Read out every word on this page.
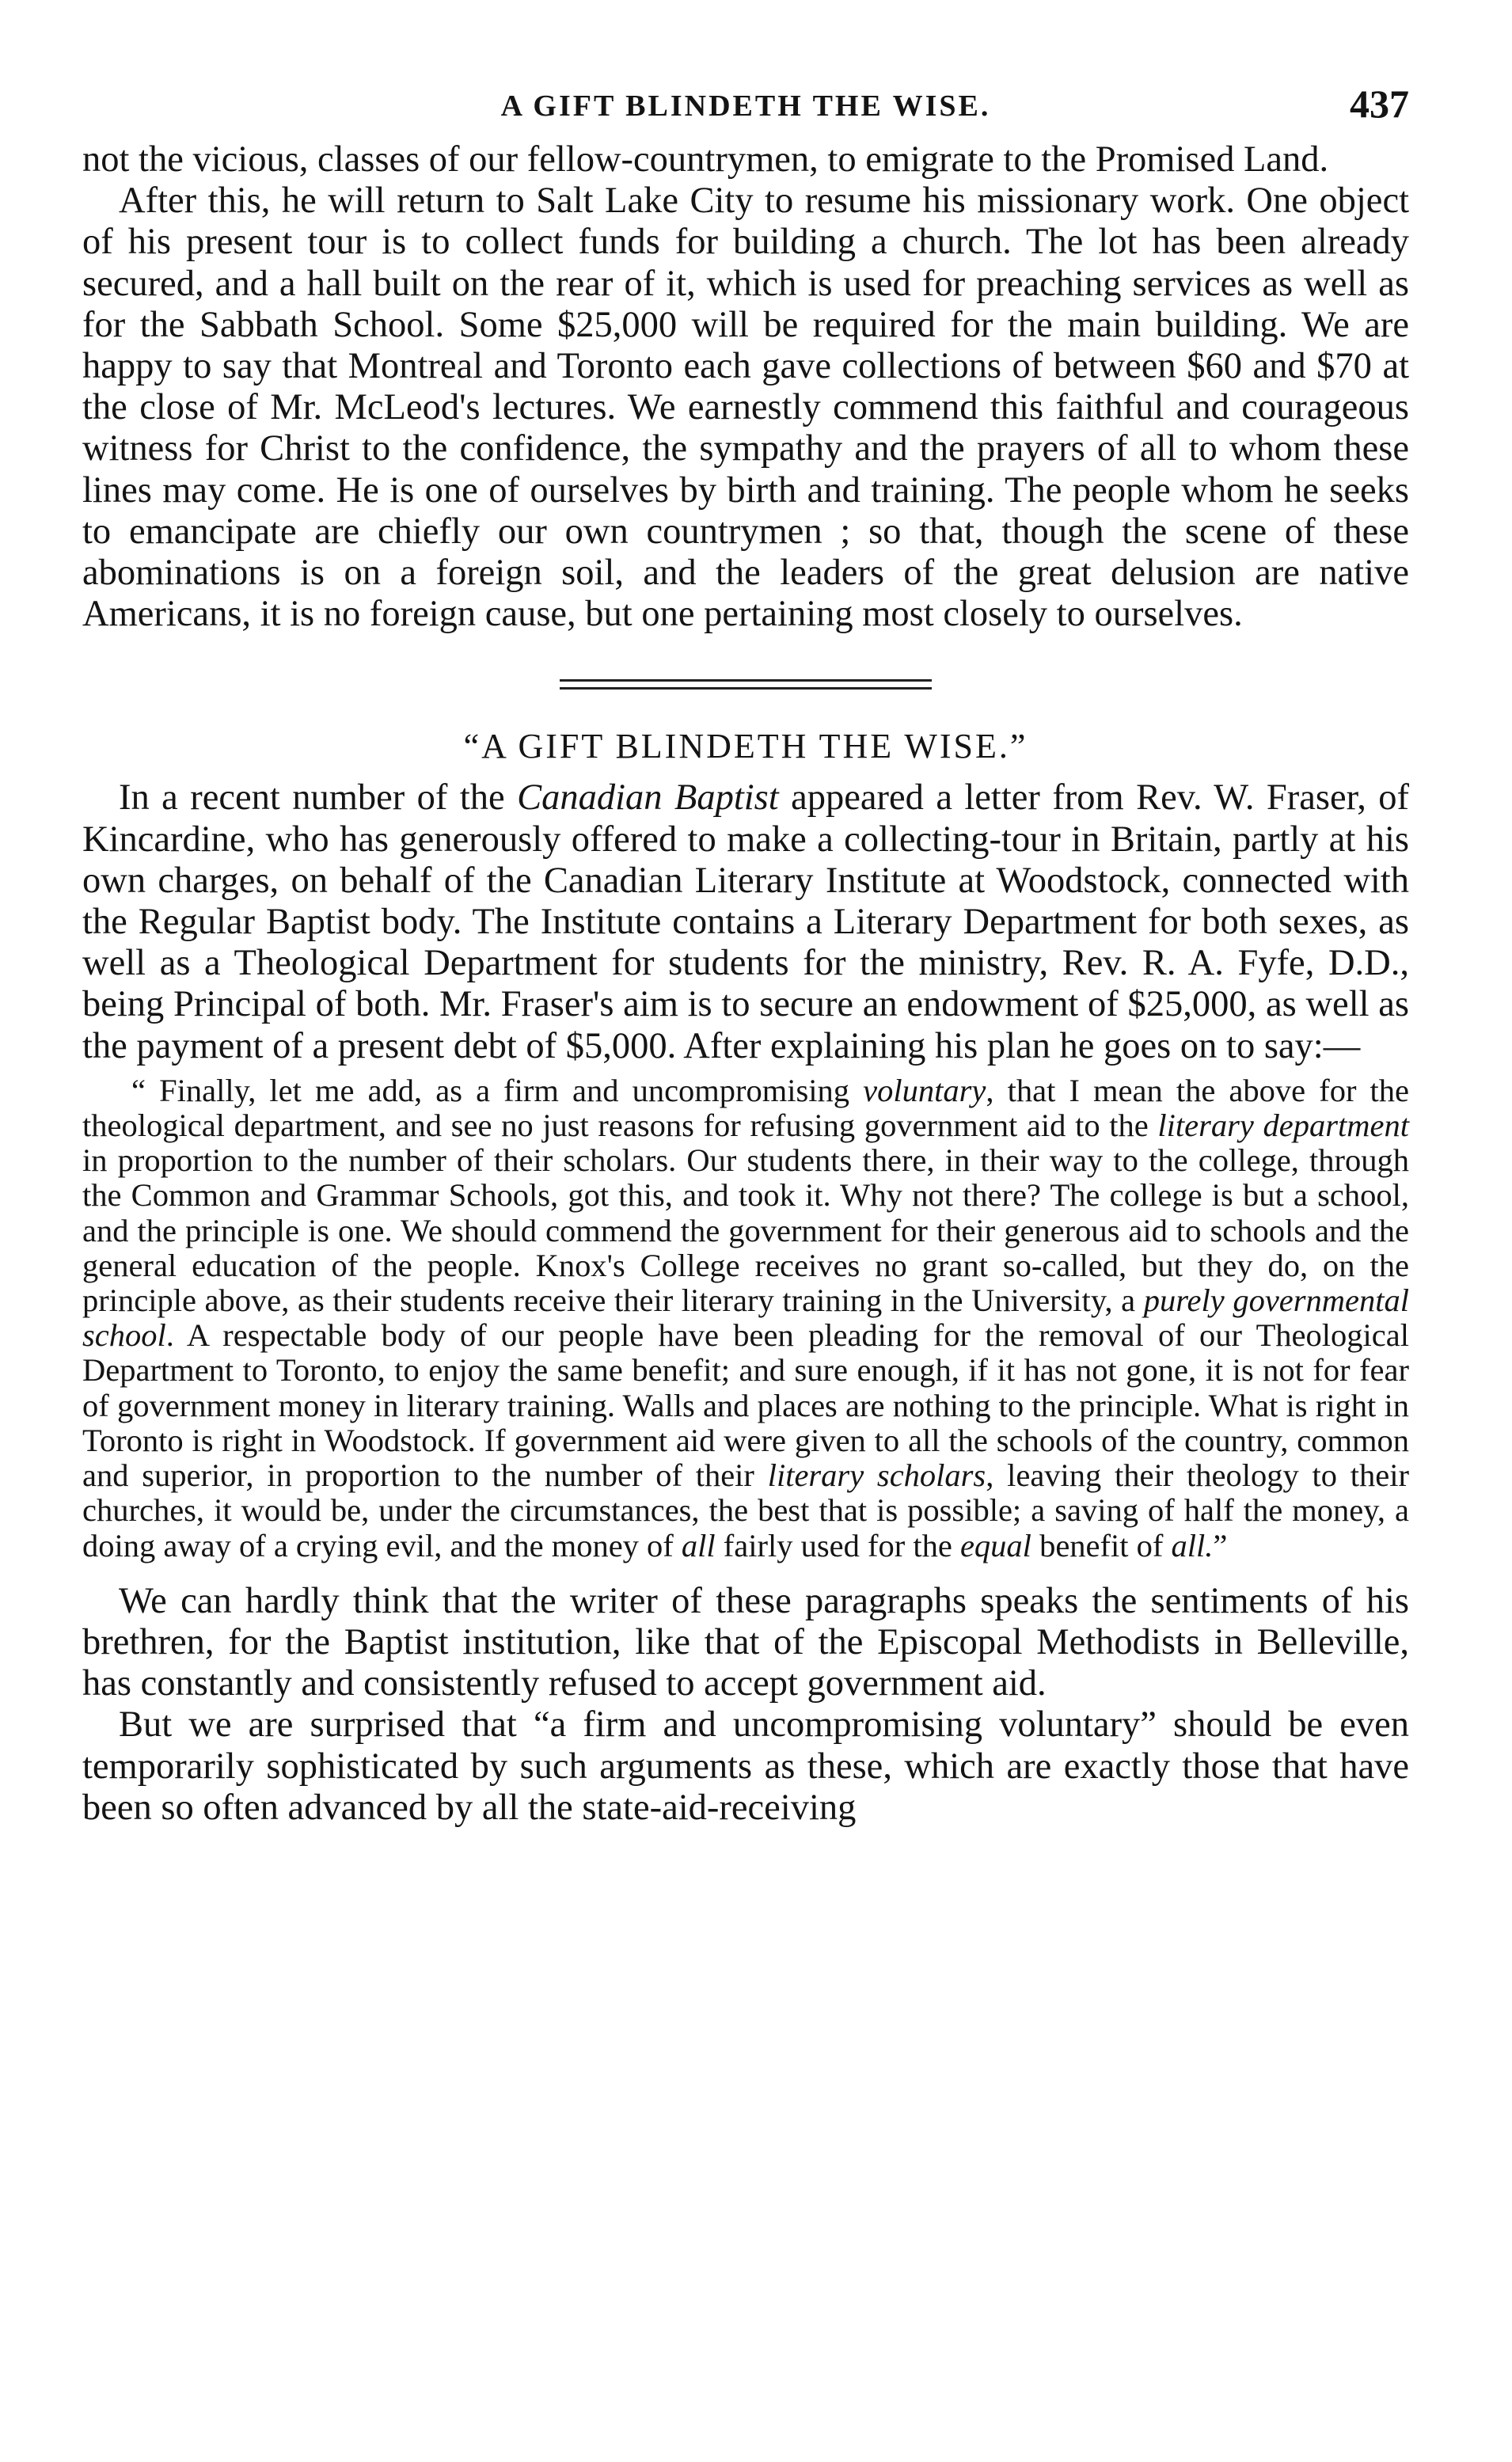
A GIFT BLINDETH THE WISE.	437

not the vicious, classes of our fellow-countrymen, to emigrate to the Promised Land.

After this, he will return to Salt Lake City to resume his missionary work. One object of his present tour is to collect funds for building a church. The lot has been already secured, and a hall built on the rear of it, which is used for preaching services as well as for the Sabbath School. Some $25,000 will be required for the main building. We are happy to say that Montreal and Toronto each gave collections of between $60 and $70 at the close of Mr. McLeod's lectures. We earnestly commend this faithful and courageous witness for Christ to the confidence, the sympathy and the prayers of all to whom these lines may come. He is one of ourselves by birth and training. The people whom he seeks to emancipate are chiefly our own countrymen ; so that, though the scene of these abominations is on a foreign soil, and the leaders of the great delusion are native Americans, it is no foreign cause, but one pertaining most closely to ourselves.

“A GIFT BLINDETH THE WISE.”

In a recent number of the Canadian Baptist appeared a letter from Rev. W. Fraser, of Kincardine, who has generously offered to make a collecting-tour in Britain, partly at his own charges, on behalf of the Canadian Literary Institute at Woodstock, connected with the Regular Baptist body. The Institute contains a Literary Department for both sexes, as well as a Theological Department for students for the ministry, Rev. R. A. Fyfe, D.D., being Principal of both. Mr. Fraser's aim is to secure an endowment of $25,000, as well as the payment of a present debt of $5,000. After explaining his plan he goes on to say:—

“ Finally, let me add, as a firm and uncompromising voluntary, that I mean the above for the theological department, and see no just reasons for refusing government aid to the literary department in proportion to the number of their scholars. Our students there, in their way to the college, through the Common and Grammar Schools, got this, and took it. Why not there? The college is but a school, and the principle is one. We should commend the government for their generous aid to schools and the general education of the people. Knox's College receives no grant so-called, but they do, on the principle above, as their students receive their literary training in the University, a purely governmental school. A respectable body of our people have been pleading for the removal of our Theological Department to Toronto, to enjoy the same benefit; and sure enough, if it has not gone, it is not for fear of government money in literary training. Walls and places are nothing to the principle. What is right in Toronto is right in Woodstock. If government aid were given to all the schools of the country, common and superior, in proportion to the number of their literary scholars, leaving their theology to their churches, it would be, under the circumstances, the best that is possible; a saving of half the money, a doing away of a crying evil, and the money of all fairly used for the equal benefit of all.”

We can hardly think that the writer of these paragraphs speaks the sentiments of his brethren, for the Baptist institution, like that of the Episcopal Methodists in Belleville, has constantly and consistently refused to accept government aid.

But we are surprised that “a firm and uncompromising voluntary” should be even temporarily sophisticated by such arguments as these, which are exactly those that have been so often advanced by all the state-aid-receiving
